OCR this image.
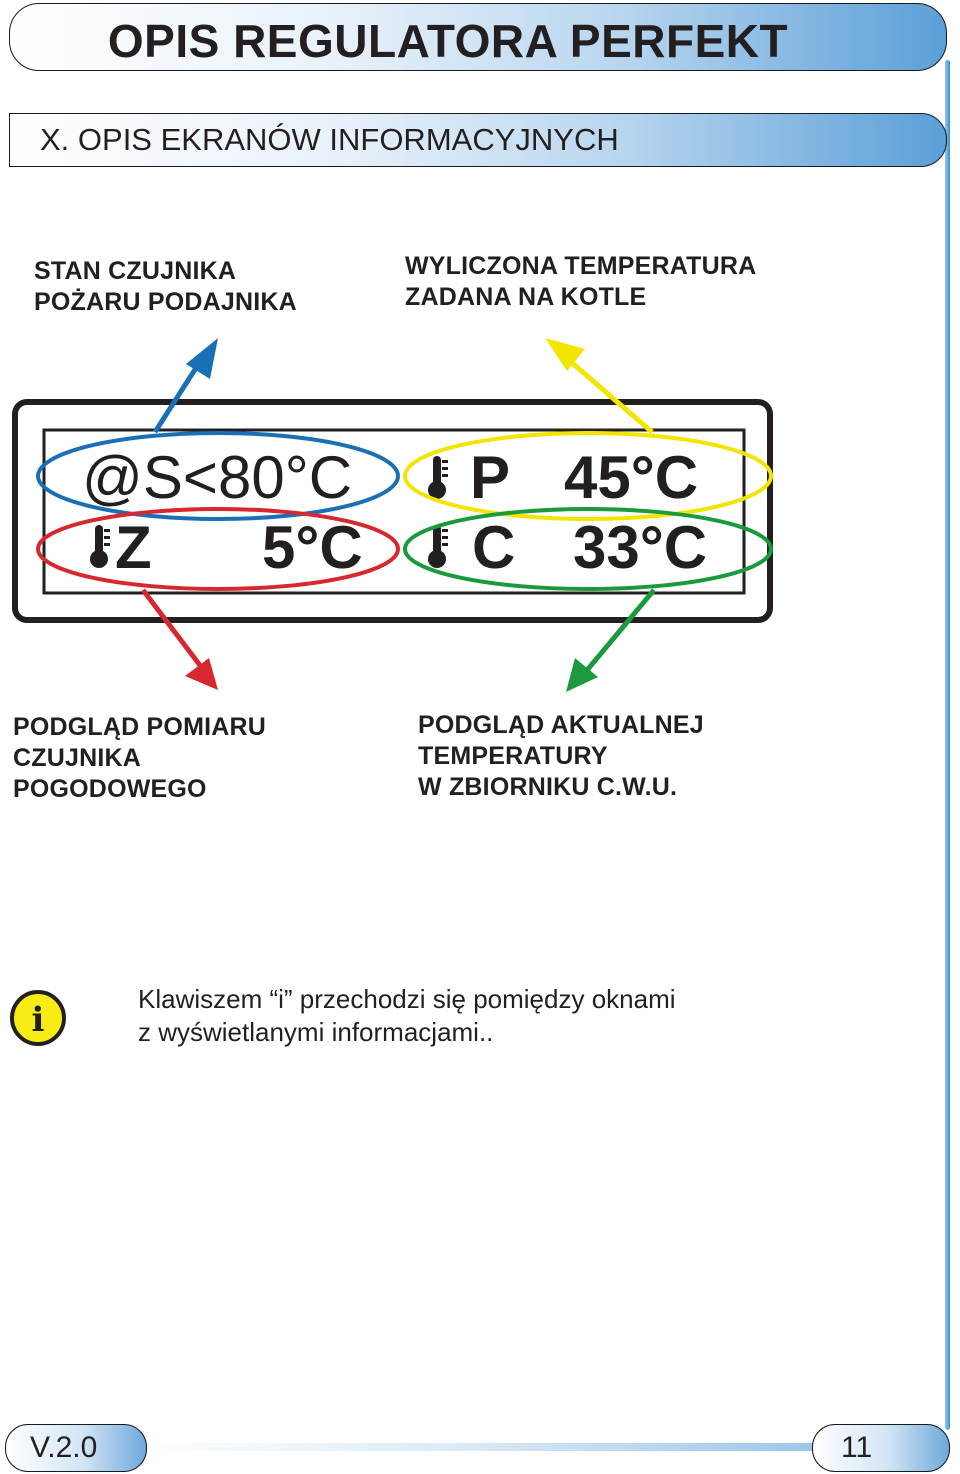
OPIS REGULATORA PERFEKT
X. OPIS EKRANÓW INFORMACYJNYCH
STAN CZUJNIKA
POŻARU PODAJNIKA
WYLICZONA TEMPERATURA
ZADANA NA KOTLE
PODGLĄD POMIARU
CZUJNIKA
POGODOWEGO
PODGLĄD AKTUALNEJ
TEMPERATURY
W ZBIORNIKU C.W.U.
@S<80°C P 45°C
Z 5°C C 33°C
i
Klawiszem “i” przechodzi się pomiędzy oknami
z wyświetlanymi informacjami..
V.2.0	11
